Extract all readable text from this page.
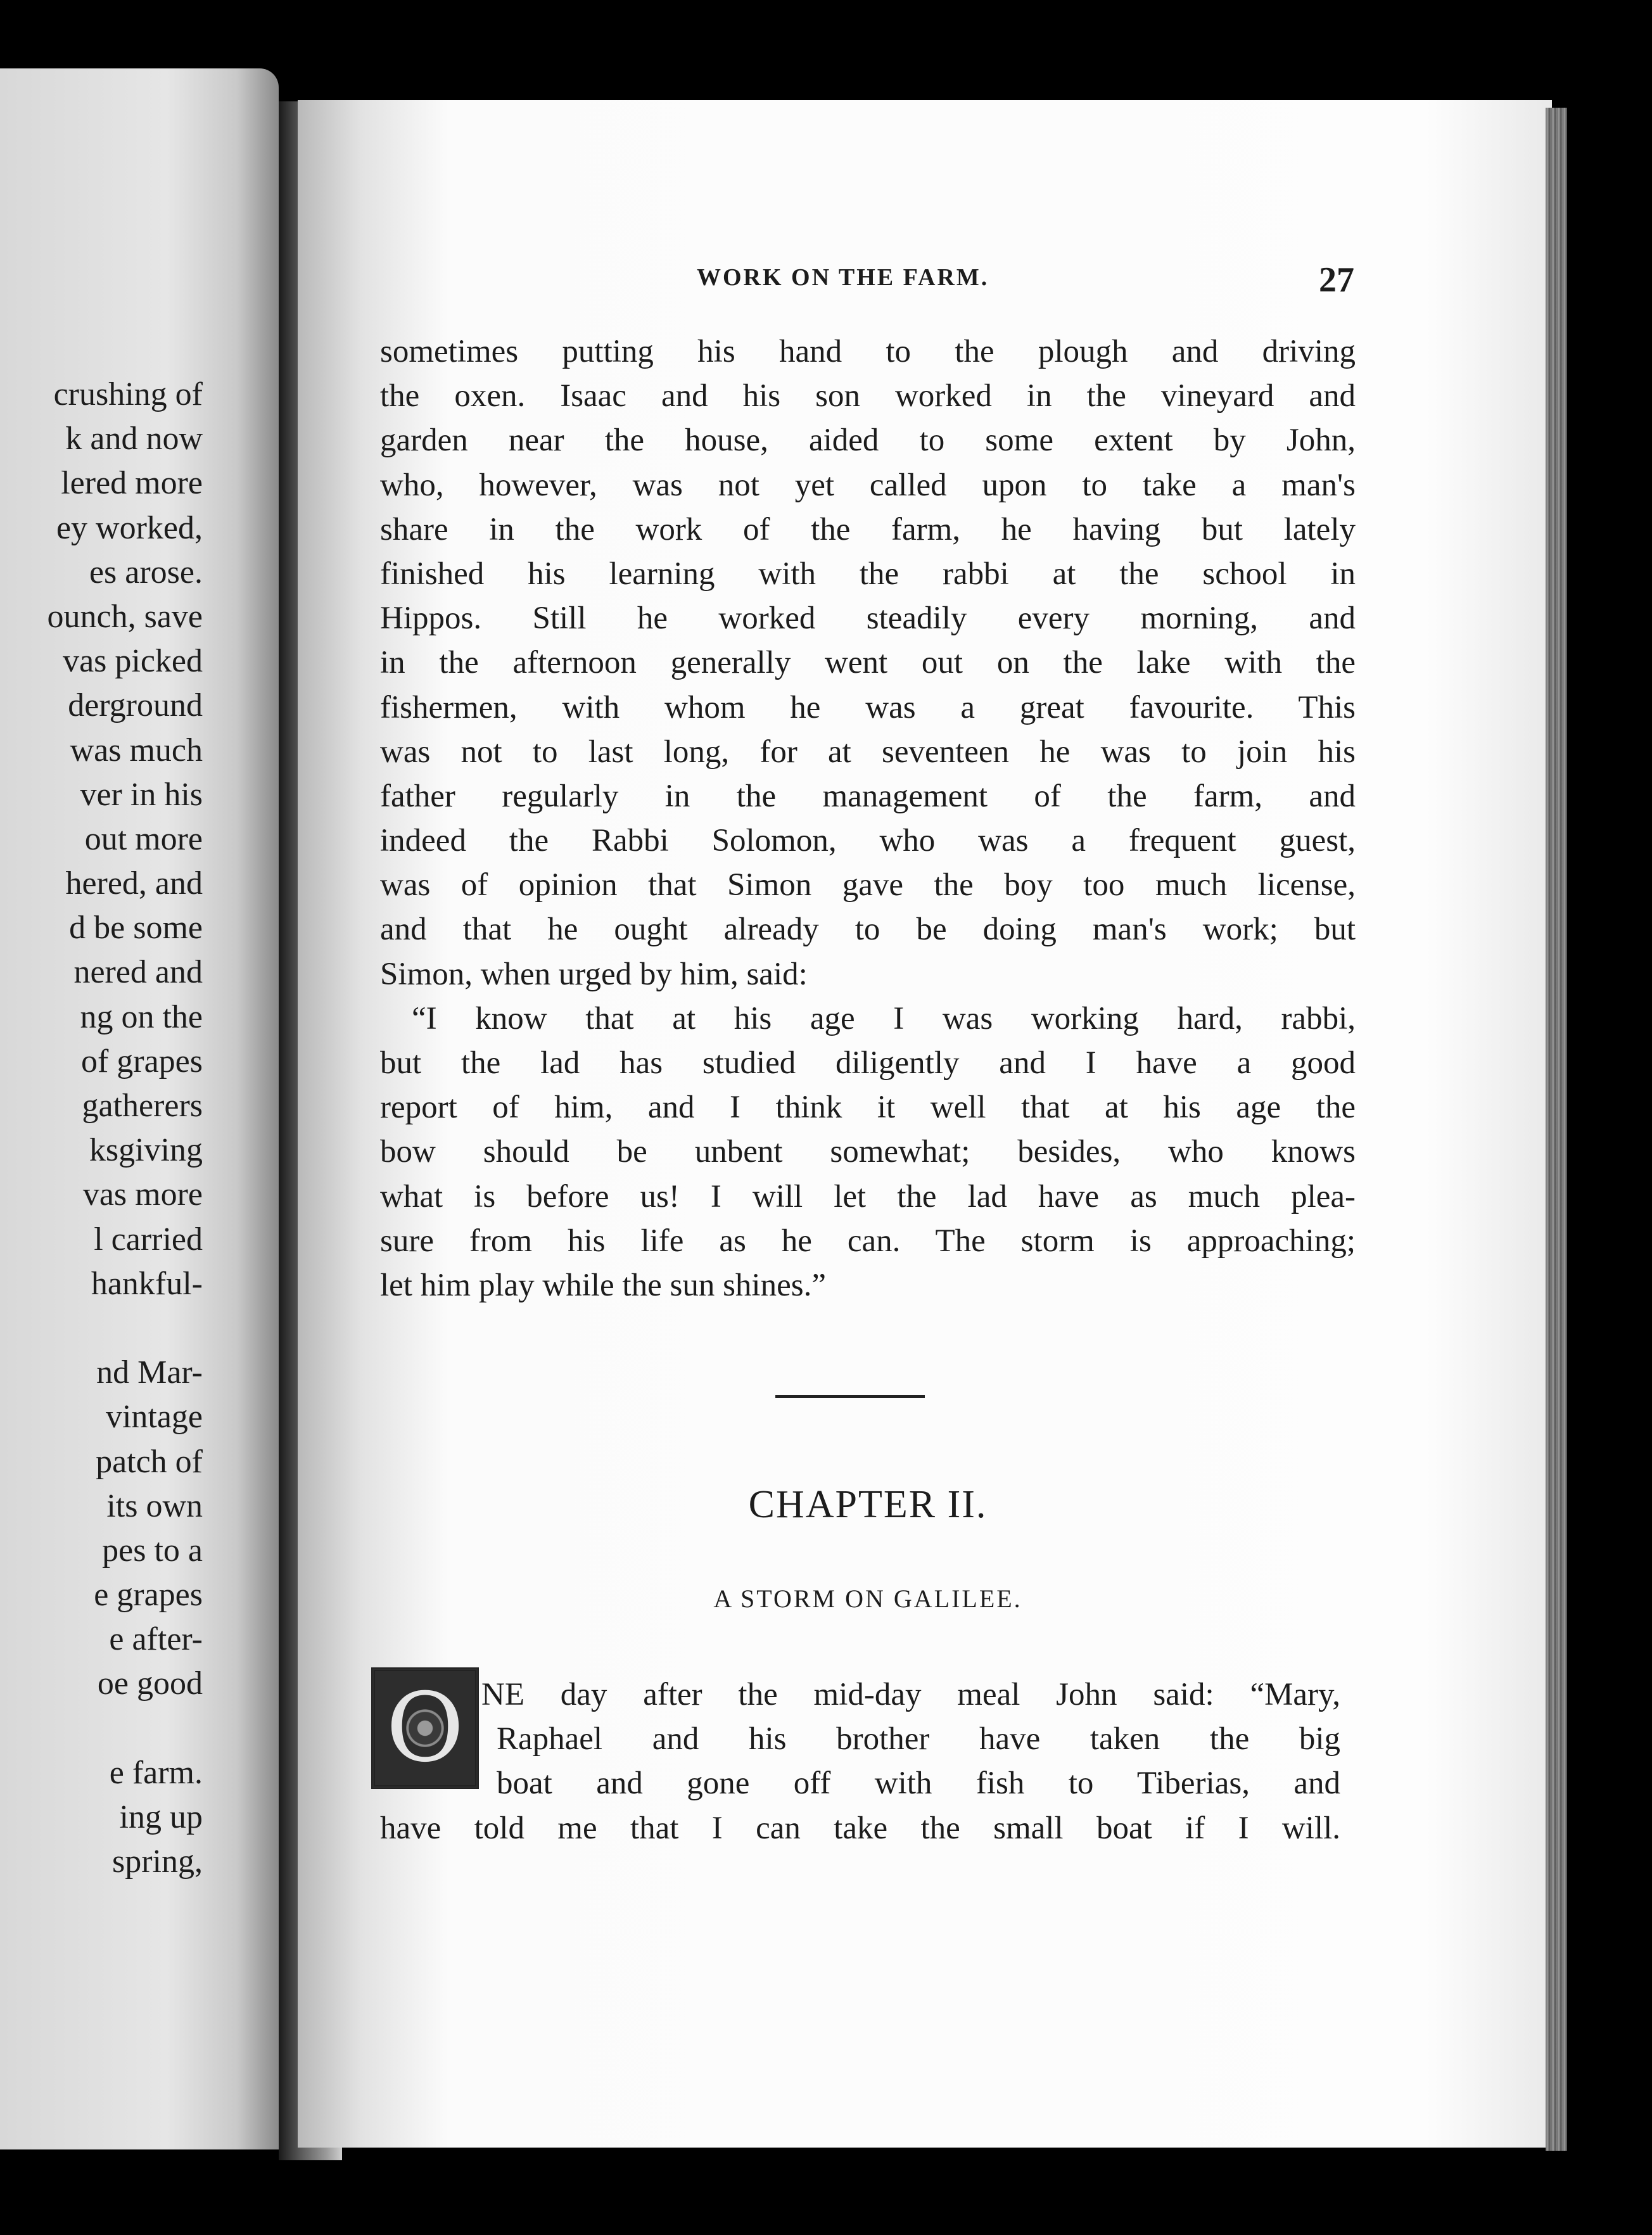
crushing of
k and now
lered more
ey worked,
es arose.
ounch, save
vas picked
derground
was much
ver in his
out more
hered, and
d be some
nered and
ng on the
of grapes
gatherers
ksgiving
vas more
l carried
hankful-
nd Mar-
vintage
patch of
its own
pes to a
e grapes
e after-
oe good
e farm.
ing up
spring,
WORK ON THE FARM.	27
sometimes putting his hand to the plough and driving
the oxen. Isaac and his son worked in the vineyard and
garden near the house, aided to some extent by John,
who, however, was not yet called upon to take a man's
share in the work of the farm, he having but lately
finished his learning with the rabbi at the school in
Hippos. Still he worked steadily every morning, and
in the afternoon generally went out on the lake with the
fishermen, with whom he was a great favourite. This
was not to last long, for at seventeen he was to join his
father regularly in the management of the farm, and
indeed the Rabbi Solomon, who was a frequent guest,
was of opinion that Simon gave the boy too much license,
and that he ought already to be doing man's work; but
Simon, when urged by him, said:
“I know that at his age I was working hard, rabbi,
but the lad has studied diligently and I have a good
report of him, and I think it well that at his age the
bow should be unbent somewhat; besides, who knows
what is before us! I will let the lad have as much plea-
sure from his life as he can. The storm is approaching;
let him play while the sun shines.”
CHAPTER II.
A STORM ON GALILEE.
O NE day after the mid-day meal John said: “Mary,
Raphael and his brother have taken the big
boat and gone off with fish to Tiberias, and
have told me that I can take the small boat if I will.
